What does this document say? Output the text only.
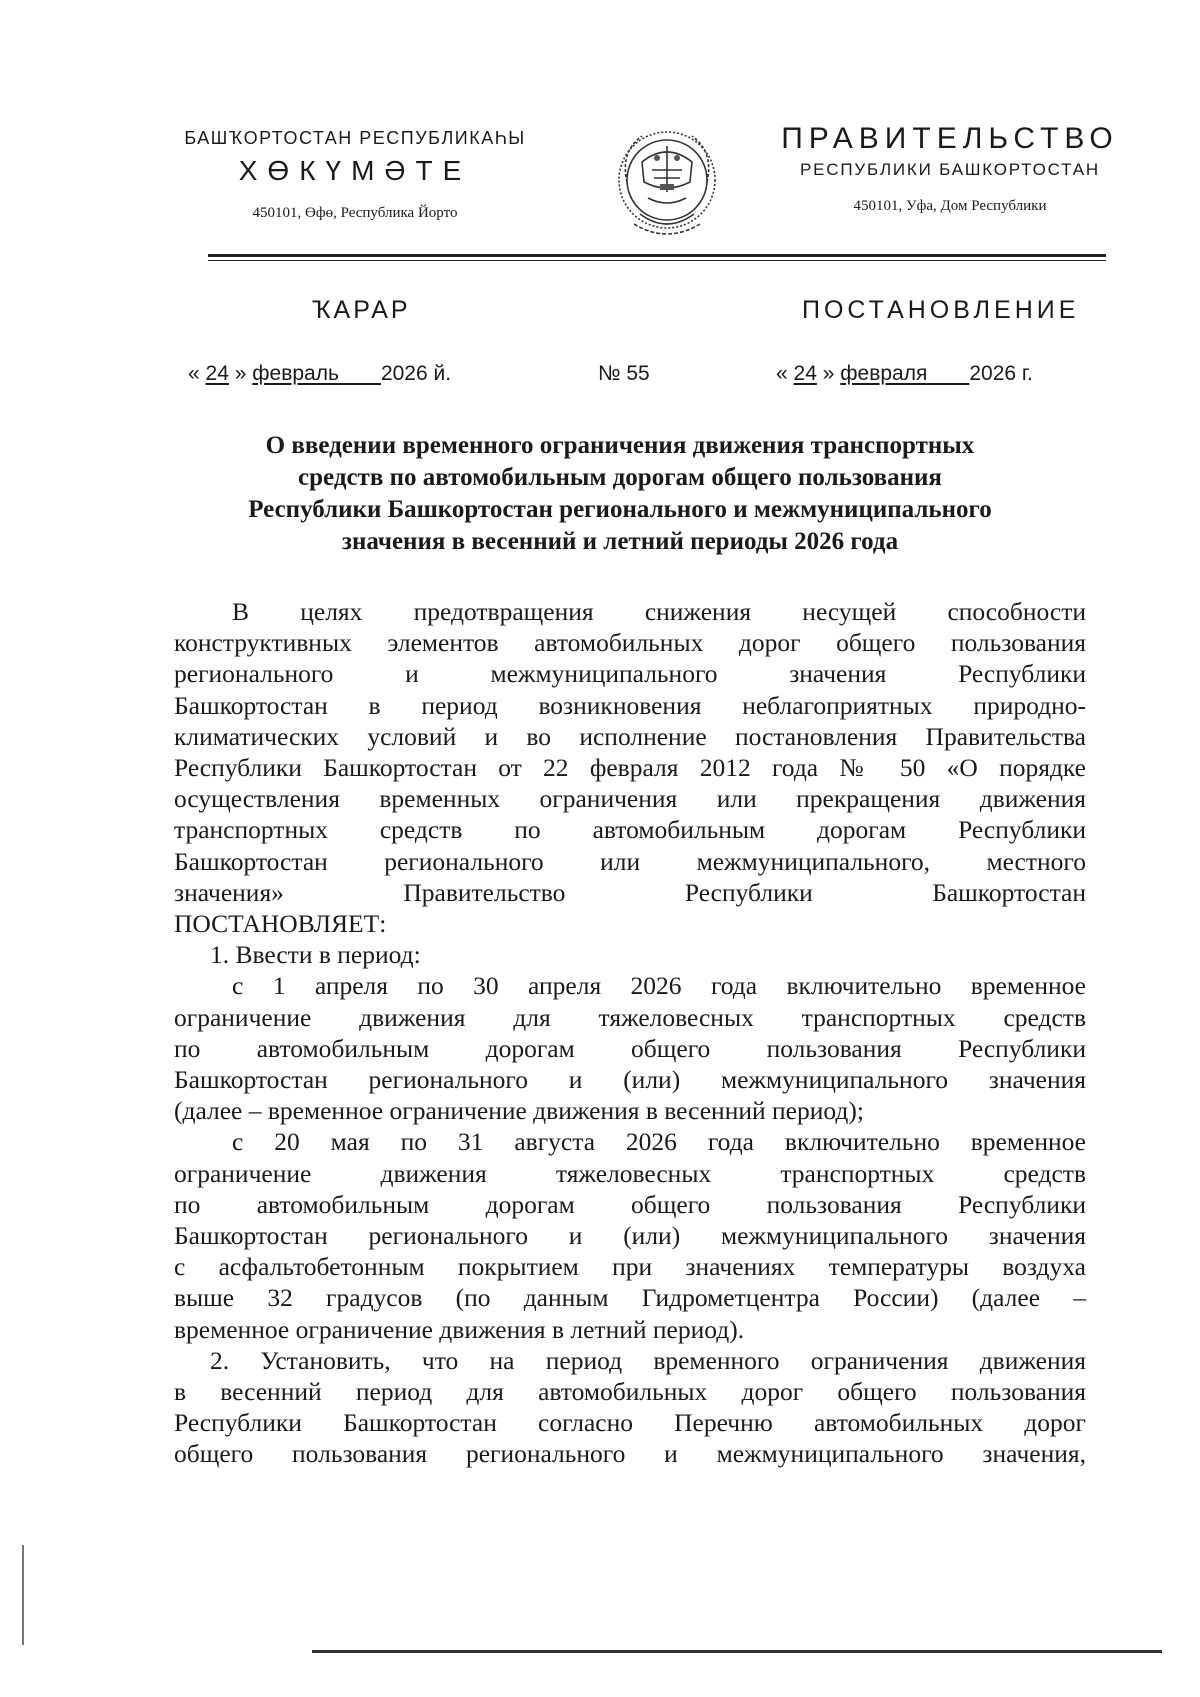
БАШҠОРТОСТАН РЕСПУБЛИКАҺЫ
ХӨКҮМӘТЕ
450101, Өфө, Республика Йорто
ПРАВИТЕЛЬСТВО
РЕСПУБЛИКИ БАШКОРТОСТАН
450101, Уфа, Дом Республики
ҠАРАР	ПОСТАНОВЛЕНИЕ
« 24 » февраль   2026 й.	№ 55	« 24 » февраля   2026 г.
О введении временного ограничения движения транспортных
средств по автомобильным дорогам общего пользования
Республики Башкортостан регионального и межмуниципального
значения в весенний и летний периоды 2026 года

В целях предотвращения снижения несущей способности

конструктивных элементов автомобильных дорог общего пользования

регионального и межмуниципального значения Республики

Башкортостан в период возникновения неблагоприятных природно-

климатических условий и во исполнение постановления Правительства

Республики Башкортостан от 22 февраля 2012 года № 50 «О порядке

осуществления временных ограничения или прекращения движения

транспортных средств по автомобильным дорогам Республики

Башкортостан регионального или межмуниципального, местного

значения» Правительство Республики Башкортостан

ПОСТАНОВЛЯЕТ:

1. Ввести в период:

с 1 апреля по 30 апреля 2026 года включительно временное

ограничение движения для тяжеловесных транспортных средств

по автомобильным дорогам общего пользования Республики

Башкортостан регионального и (или) межмуниципального значения

(далее – временное ограничение движения в весенний период);

с 20 мая по 31 августа 2026 года включительно временное

ограничение движения тяжеловесных транспортных средств

по автомобильным дорогам общего пользования Республики

Башкортостан регионального и (или) межмуниципального значения

с асфальтобетонным покрытием при значениях температуры воздуха

выше 32 градусов (по данным Гидрометцентра России) (далее –

временное ограничение движения в летний период).

2. Установить, что на период временного ограничения движения

в весенний период для автомобильных дорог общего пользования

Республики Башкортостан согласно Перечню автомобильных дорог

общего пользования регионального и межмуниципального значения,
